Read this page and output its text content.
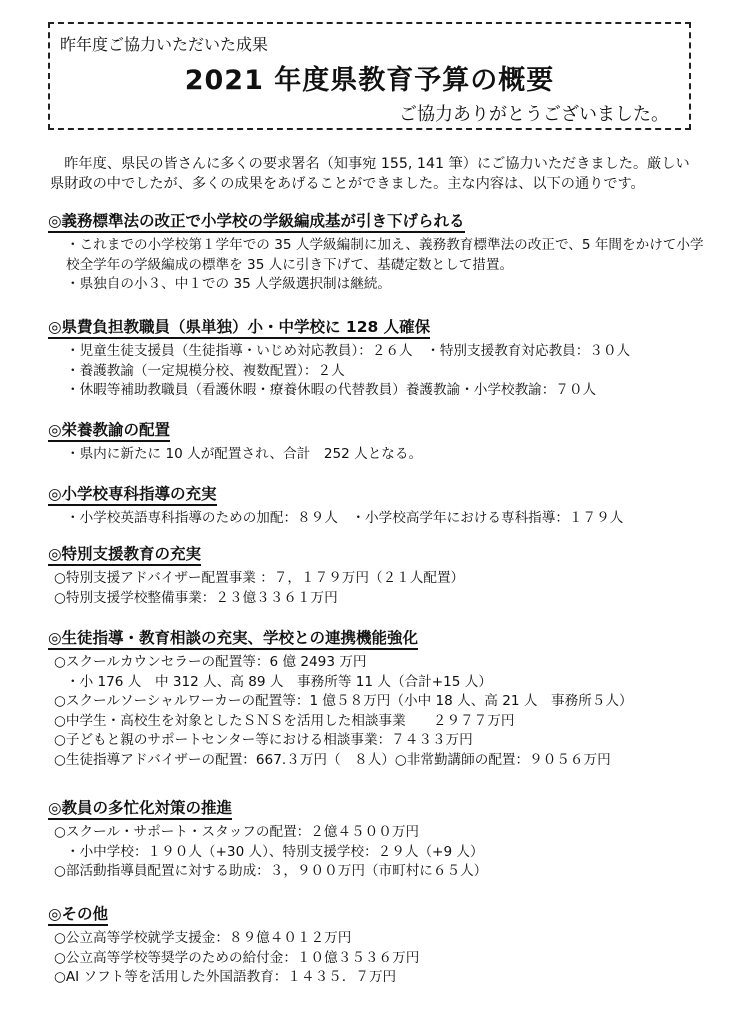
昨年度ご協力いただいた成果
2021 年度県教育予算の概要
ご協力ありがとうございました。
昨年度、県民の皆さんに多くの要求署名（知事宛 155, 141 筆）にご協力いただきました。厳しい県財政の中でしたが、多くの成果をあげることができました。主な内容は、以下の通りです。
◎義務標準法の改正で小学校の学級編成基が引き下げられる
・これまでの小学校第１学年での 35 人学級編制に加え、義務教育標準法の改正で、5 年間をかけて小学校全学年の学級編成の標準を 35 人に引き下げて、基礎定数として措置。
・県独自の小３、中１での 35 人学級選択制は継続。
◎県費負担教職員（県単独）小・中学校に 128 人確保
・児童生徒支援員（生徒指導・いじめ対応教員）：２６人　・特別支援教育対応教員：３０人
・養護教諭（一定規模分校、複数配置）：２人
・休暇等補助教職員（看護休暇・療養休暇の代替教員）養護教諭・小学校教諭：７０人
◎栄養教諭の配置
・県内に新たに 10 人が配置され、合計　252 人となる。
◎小学校専科指導の充実
・小学校英語専科指導のための加配：８９人　・小学校高学年における専科指導：１７９人
◎特別支援教育の充実
○特別支援アドバイザー配置事業 ：７，１７９万円（２１人配置）
○特別支援学校整備事業：２３億３３６１万円
◎生徒指導・教育相談の充実、学校との連携機能強化
○スクールカウンセラーの配置等：6 億 2493 万円
・小 176 人　中 312 人、高 89 人　事務所等 11 人（合計+15 人）
○スクールソーシャルワーカーの配置等：1 億５８万円（小中 18 人、高 21 人　事務所５人）
○中学生・高校生を対象としたＳＮＳを活用した相談事業　　２９７７万円
○子どもと親のサポートセンター等における相談事業：７４３３万円
○生徒指導アドバイザーの配置：667.３万円（　８人）○非常勤講師の配置：９０５６万円
◎教員の多忙化対策の推進
○スクール・サポート・スタッフの配置：２億４５００万円
・小中学校：１９０人（+30 人）、特別支援学校：２９人（+9 人）
○部活動指導員配置に対する助成：３，９００万円（市町村に６５人）
◎その他
○公立高等学校就学支援金：８９億４０１２万円
○公立高等学校等奨学のための給付金：１０億３５３６万円
○AI ソフト等を活用した外国語教育：１４３５．７万円
